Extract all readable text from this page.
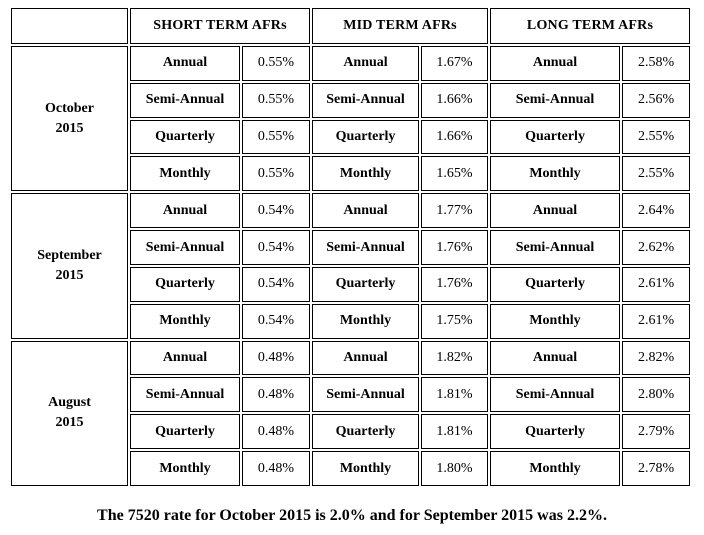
	SHORT TERM AFRs		MID TERM AFRs		LONG TERM AFRs	

October
2015	Annual	0.55%	Annual	1.67%	Annual	2.58%
	Semi-Annual	0.55%	Semi-Annual	1.66%	Semi-Annual	2.56%
	Quarterly	0.55%	Quarterly	1.66%	Quarterly	2.55%
	Monthly	0.55%	Monthly	1.65%	Monthly	2.55%

September
2015	Annual	0.54%	Annual	1.77%	Annual	2.64%
	Semi-Annual	0.54%	Semi-Annual	1.76%	Semi-Annual	2.62%
	Quarterly	0.54%	Quarterly	1.76%	Quarterly	2.61%
	Monthly	0.54%	Monthly	1.75%	Monthly	2.61%

August
2015	Annual	0.48%	Annual	1.82%	Annual	2.82%
	Semi-Annual	0.48%	Semi-Annual	1.81%	Semi-Annual	2.80%
	Quarterly	0.48%	Quarterly	1.81%	Quarterly	2.79%
	Monthly	0.48%	Monthly	1.80%	Monthly	2.78%
The 7520 rate for October 2015 is 2.0% and for September 2015 was 2.2%.
